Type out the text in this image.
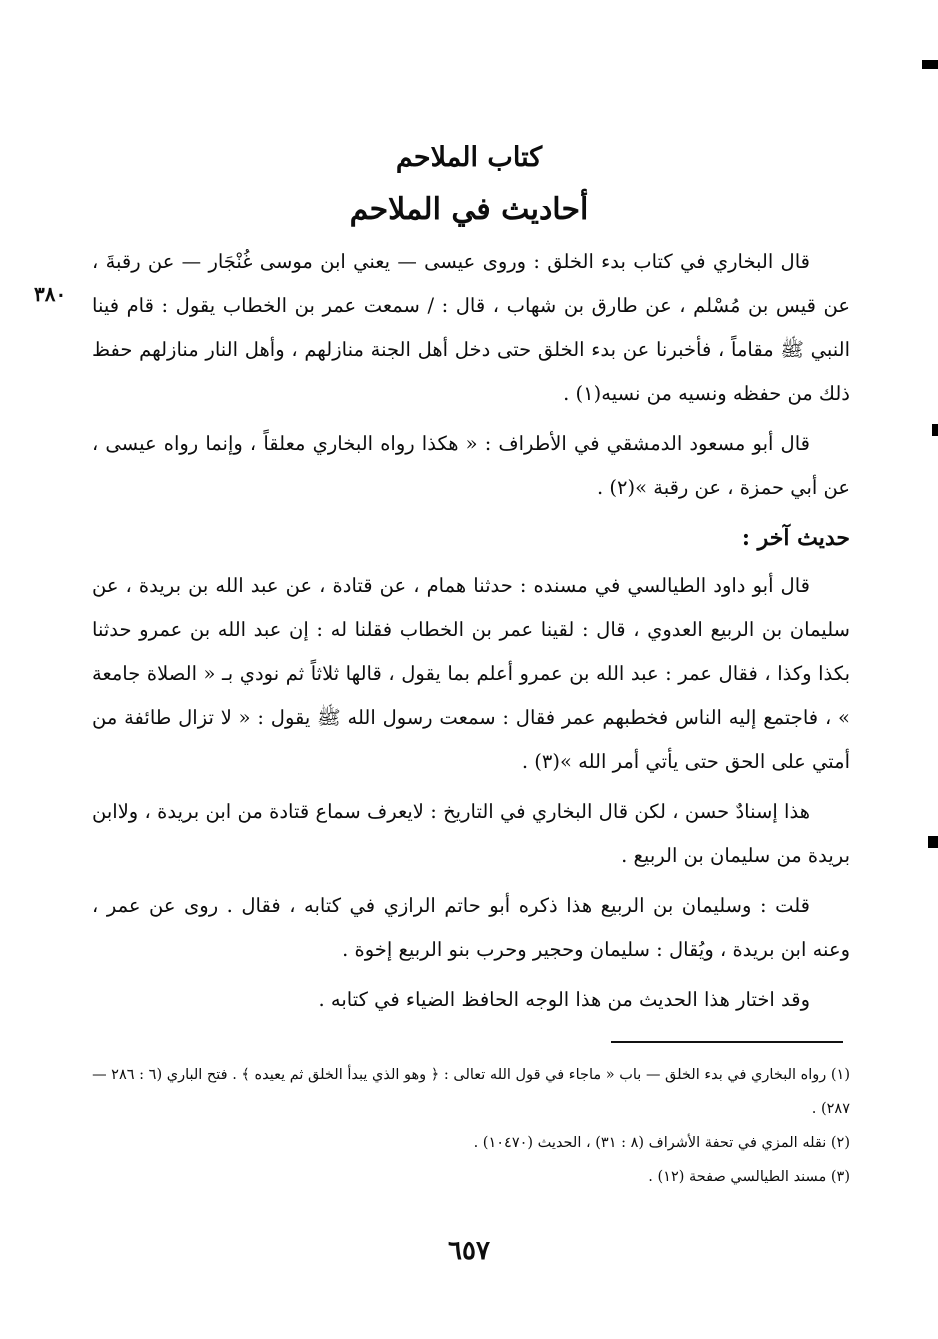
كتاب الملاحم
أحاديث في الملاحم
٣٨٠

قال البخاري في كتاب بدء الخلق : وروى عيسى — يعني ابن موسى غُنْجَار — عن رقبةَ ، عن قيس بن مُسْلم ، عن طارق بن شهاب ، قال : / سمعت عمر بن الخطاب يقول : قام فينا النبي ﷺ مقاماً ، فأخبرنا عن بدء الخلق حتى دخل أهل الجنة منازلهم ، وأهل النار منازلهم حفظ ذلك من حفظه ونسيه من نسيه(١) .

قال أبو مسعود الدمشقي في الأطراف : « هكذا رواه البخاري معلقاً ، وإنما رواه عيسى ، عن أبي حمزة ، عن رقبة »(٢) .

حديث آخر :

قال أبو داود الطيالسي في مسنده : حدثنا همام ، عن قتادة ، عن عبد الله بن بريدة ، عن سليمان بن الربيع العدوي ، قال : لقينا عمر بن الخطاب فقلنا له : إن عبد الله بن عمرو حدثنا بكذا وكذا ، فقال عمر : عبد الله بن عمرو أعلم بما يقول ، قالها ثلاثاً ثم نودي بـ « الصلاة جامعة » ، فاجتمع إليه الناس فخطبهم عمر فقال : سمعت رسول الله ﷺ يقول : « لا تزال طائفة من أمتي على الحق حتى يأتي أمر الله »(٣) .

هذا إسنادٌ حسن ، لكن قال البخاري في التاريخ : لايعرف سماع قتادة من ابن بريدة ، ولاابن بريدة من سليمان بن الربيع .

قلت : وسليمان بن الربيع هذا ذكره أبو حاتم الرازي في كتابه ، فقال . روى عن عمر ، وعنه ابن بريدة ، ويُقال : سليمان وحجير وحرب بنو الربيع إخوة .

وقد اختار هذا الحديث من هذا الوجه الحافظ الضياء في كتابه .

(١) رواه البخاري في بدء الخلق — باب « ماجاء في قول الله تعالى : ﴿ وهو الذي يبدأ الخلق ثم يعيده ﴾ . فتح الباري (٦ : ٢٨٦ — ٢٨٧) .

(٢) نقله المزي في تحفة الأشراف (٨ : ٣١) ، الحديث (١٠٤٧٠) .

(٣) مسند الطيالسي صفحة (١٢) .

٦٥٧
